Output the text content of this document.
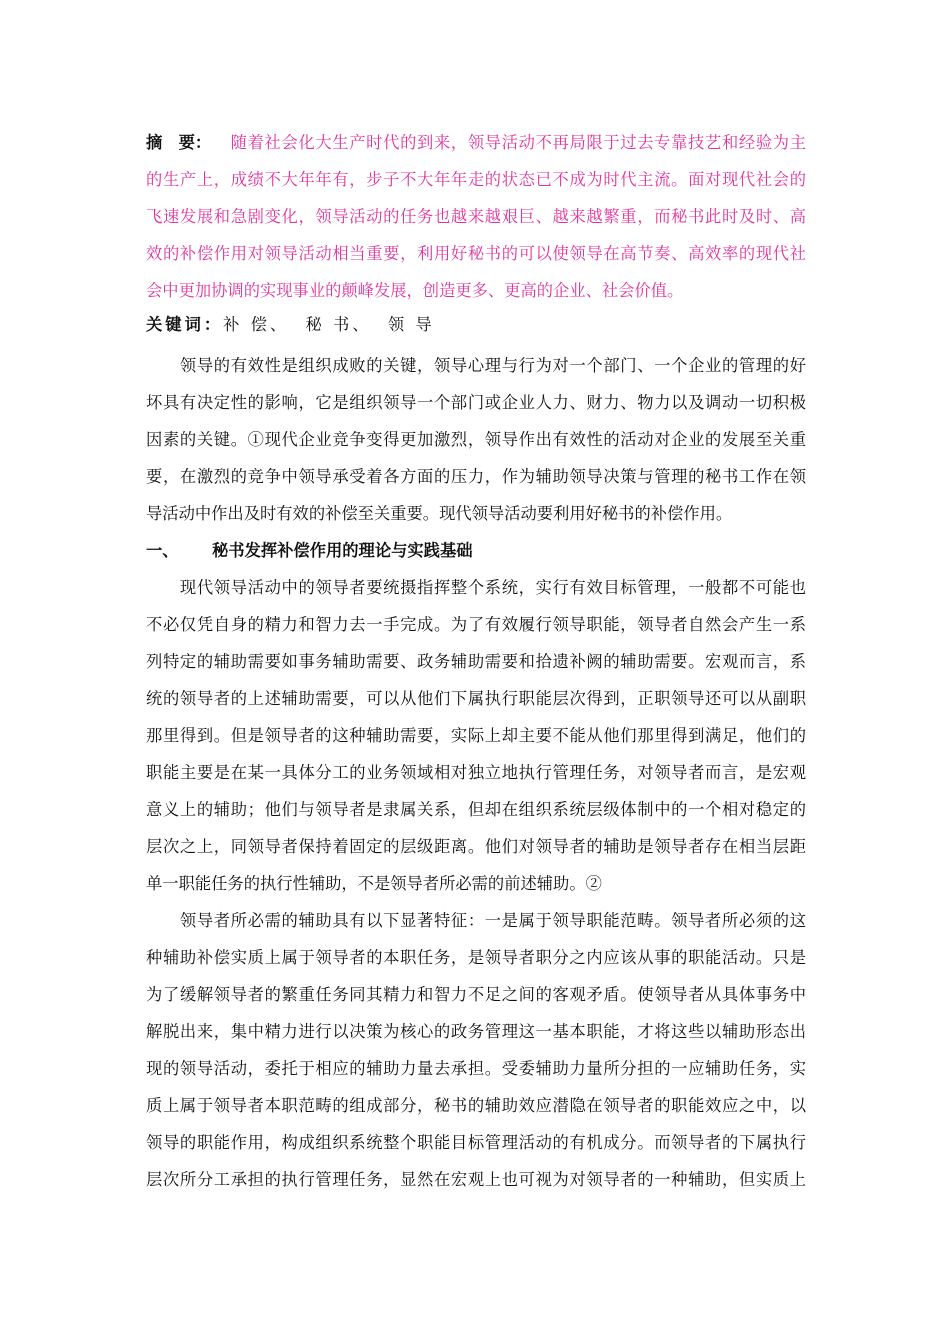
摘　要： 随着社会化大生产时代的到来，领导活动不再局限于过去专靠技艺和经验为主
的生产上，成绩不大年年有，步子不大年年走的状态已不成为时代主流。面对现代社会的
飞速发展和急剧变化，领导活动的任务也越来越艰巨、越来越繁重，而秘书此时及时、高
效的补偿作用对领导活动相当重要，利用好秘书的可以使领导在高节奏、高效率的现代社
会中更加协调的实现事业的颠峰发展，创造更多、更高的企业、社会价值。
关键词：补 偿、  秘 书、  领 导
　　领导的有效性是组织成败的关键，领导心理与行为对一个部门、一个企业的管理的好
坏具有决定性的影响，它是组织领导一个部门或企业人力、财力、物力以及调动一切积极
因素的关键。①现代企业竞争变得更加激烈，领导作出有效性的活动对企业的发展至关重
要，在激烈的竞争中领导承受着各方面的压力，作为辅助领导决策与管理的秘书工作在领
导活动中作出及时有效的补偿至关重要。现代领导活动要利用好秘书的补偿作用。
一、 秘书发挥补偿作用的理论与实践基础
　　现代领导活动中的领导者要统摄指挥整个系统，实行有效目标管理，一般都不可能也
不必仅凭自身的精力和智力去一手完成。为了有效履行领导职能，领导者自然会产生一系
列特定的辅助需要如事务辅助需要、政务辅助需要和拾遗补阙的辅助需要。宏观而言，系
统的领导者的上述辅助需要，可以从他们下属执行职能层次得到，正职领导还可以从副职
那里得到。但是领导者的这种辅助需要，实际上却主要不能从他们那里得到满足，他们的
职能主要是在某一具体分工的业务领域相对独立地执行管理任务，对领导者而言，是宏观
意义上的辅助；他们与领导者是隶属关系，但却在组织系统层级体制中的一个相对稳定的
层次之上，同领导者保持着固定的层级距离。他们对领导者的辅助是领导者存在相当层距
单一职能任务的执行性辅助，不是领导者所必需的前述辅助。②
　　领导者所必需的辅助具有以下显著特征：一是属于领导职能范畴。领导者所必须的这
种辅助补偿实质上属于领导者的本职任务，是领导者职分之内应该从事的职能活动。只是
为了缓解领导者的繁重任务同其精力和智力不足之间的客观矛盾。使领导者从具体事务中
解脱出来，集中精力进行以决策为核心的政务管理这一基本职能，才将这些以辅助形态出
现的领导活动，委托于相应的辅助力量去承担。受委辅助力量所分担的一应辅助任务，实
质上属于领导者本职范畴的组成部分，秘书的辅助效应潜隐在领导者的职能效应之中，以
领导的职能作用，构成组织系统整个职能目标管理活动的有机成分。而领导者的下属执行
层次所分工承担的执行管理任务，显然在宏观上也可视为对领导者的一种辅助，但实质上
